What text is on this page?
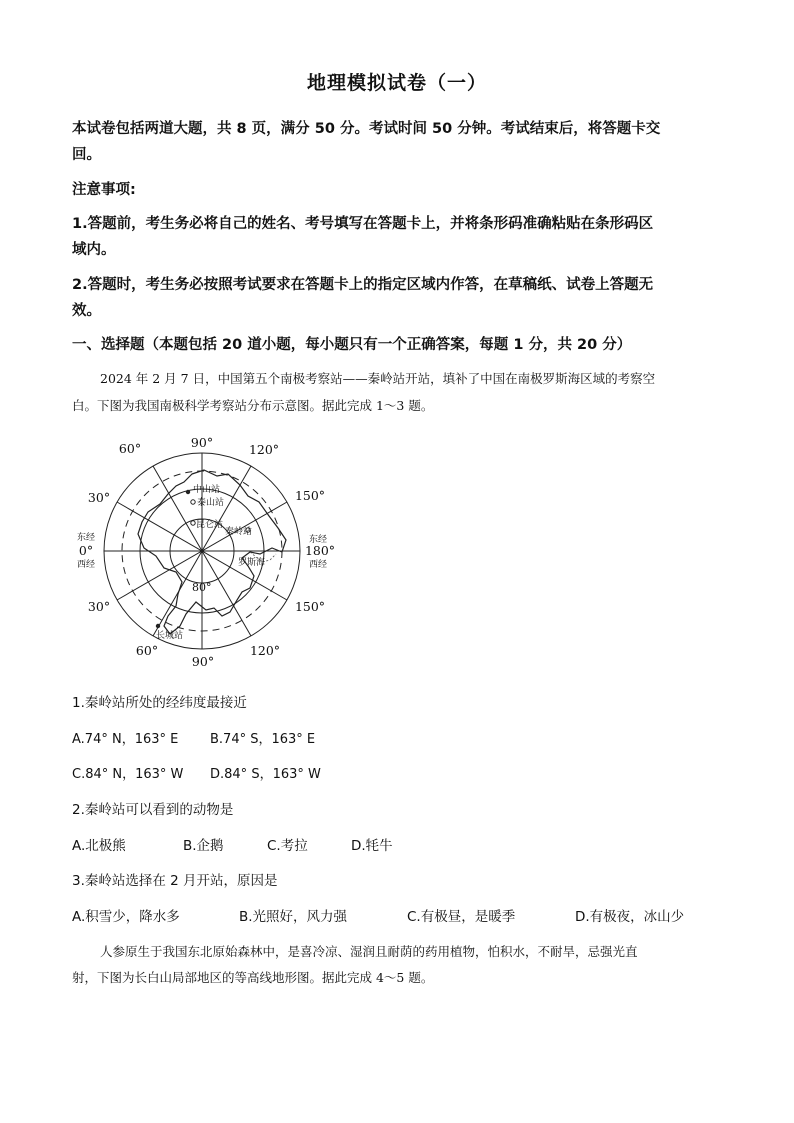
地理模拟试卷（一）
本试卷包括两道大题，共 8 页，满分 50 分。考试时间 50 分钟。考试结束后，将答题卡交
回。
注意事项:
1.答题前，考生务必将自己的姓名、考号填写在答题卡上，并将条形码准确粘贴在条形码区
域内。
2.答题时，考生务必按照考试要求在答题卡上的指定区域内作答，在草稿纸、试卷上答题无
效。
一、选择题（本题包括 20 道小题，每小题只有一个正确答案，每题 1 分，共 20 分）
2024 年 2 月 7 日，中国第五个南极考察站——秦岭站开站，填补了中国在南极罗斯海区域的考察空
白。下图为我国南极科学考察站分布示意图。据此完成 1～3 题。
60°	90°	120°
30°	150°
30°	150°
60°
90°
120°
0°	180°
东经
西经
东经
西经
中山站
泰山站
昆仑站
秦岭站
罗斯海
长城站
80°
1.秦岭站所处的经纬度最接近
A.74° N，163° E B.74° S，163° E
C.84° N，163° W D.84° S，163° W
2.秦岭站可以看到的动物是
A.北极熊	B.企鹅	C.考拉	D.牦牛
3.秦岭站选择在 2 月开站，原因是
A.积雪少，降水多	B.光照好，风力强	C.有极昼，是暖季	D.有极夜，冰山少
人参原生于我国东北原始森林中，是喜冷凉、湿润且耐荫的药用植物，怕积水，不耐旱，忌强光直
射，下图为长白山局部地区的等高线地形图。据此完成 4～5 题。
